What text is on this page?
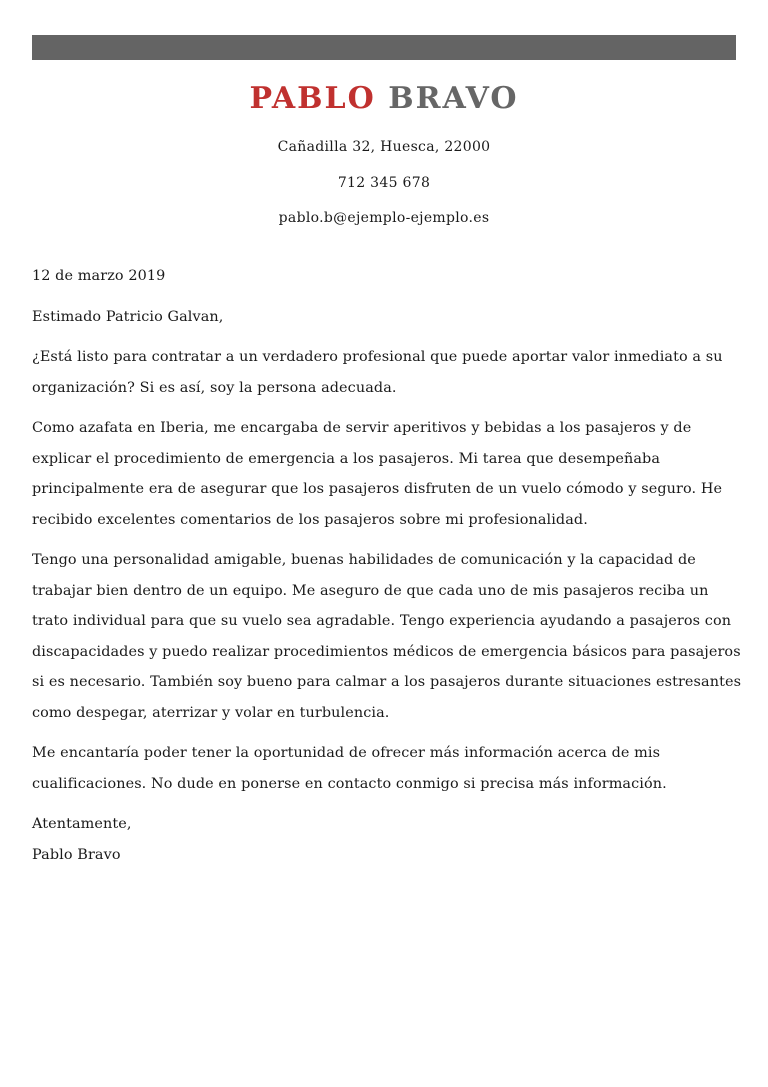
PABLO BRAVO

Cañadilla 32, Huesca, 22000

712 345 678

pablo.b@ejemplo-ejemplo.es

12 de marzo 2019

Estimado Patricio Galvan,

¿Está listo para contratar a un verdadero profesional que puede aportar valor inmediato a su organización? Si es así, soy la persona adecuada.

Como azafata en Iberia, me encargaba de servir aperitivos y bebidas a los pasajeros y de explicar el procedimiento de emergencia a los pasajeros. Mi tarea que desempeñaba principalmente era de asegurar que los pasajeros disfruten de un vuelo cómodo y seguro. He recibido excelentes comentarios de los pasajeros sobre mi profesionalidad.

Tengo una personalidad amigable, buenas habilidades de comunicación y la capacidad de trabajar bien dentro de un equipo. Me aseguro de que cada uno de mis pasajeros reciba un trato individual para que su vuelo sea agradable. Tengo experiencia ayudando a pasajeros con discapacidades y puedo realizar procedimientos médicos de emergencia básicos para pasajeros si es necesario. También soy bueno para calmar a los pasajeros durante situaciones estresantes como despegar, aterrizar y volar en turbulencia.

Me encantaría poder tener la oportunidad de ofrecer más información acerca de mis cualificaciones. No dude en ponerse en contacto conmigo si precisa más información.

Atentamente,

Pablo Bravo
